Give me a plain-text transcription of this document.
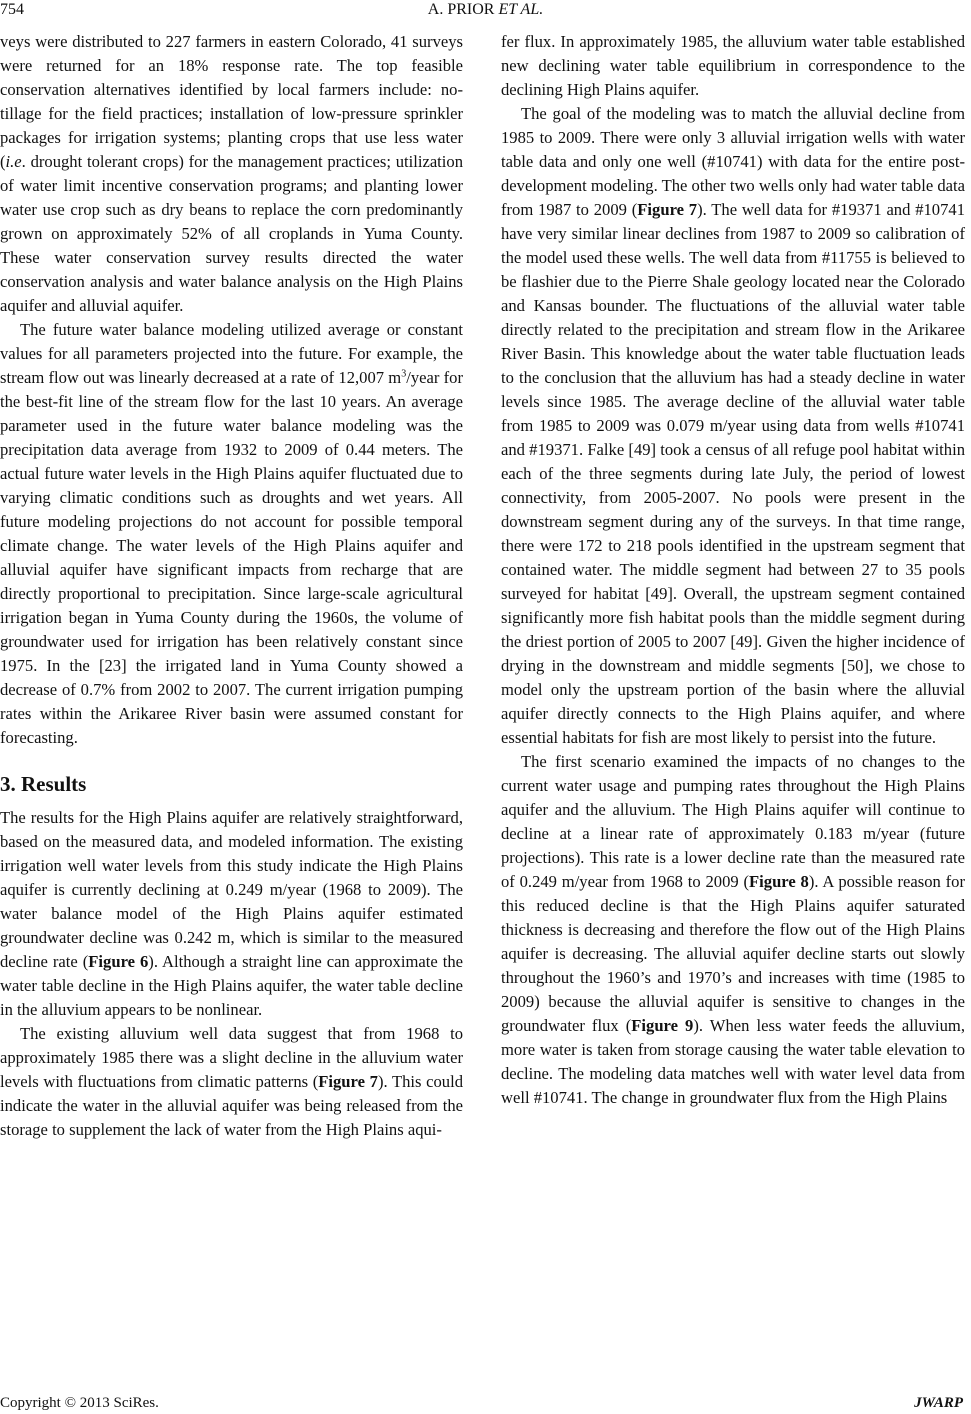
754	A. PRIOR ET AL.

veys were distributed to 227 farmers in eastern Colorado, 41 surveys were returned for an 18% response rate. The top feasible conservation alternatives identified by local farmers include: no-tillage for the field practices; installation of low-pressure sprinkler packages for irrigation systems; planting crops that use less water (i.e. drought tolerant crops) for the management practices; utilization of water limit incentive conservation programs; and planting lower water use crop such as dry beans to replace the corn predominantly grown on approximately 52% of all croplands in Yuma County. These water conservation survey results directed the water conservation analysis and water balance analysis on the High Plains aquifer and alluvial aquifer.

The future water balance modeling utilized average or constant values for all parameters projected into the future. For example, the stream flow out was linearly decreased at a rate of 12,007 $m^3$/year for the best-fit line of the stream flow for the last 10 years. An average parameter used in the future water balance modeling was the precipitation data average from 1932 to 2009 of 0.44 meters. The actual future water levels in the High Plains aquifer fluctuated due to varying climatic conditions such as droughts and wet years. All future modeling projections do not account for possible temporal climate change. The water levels of the High Plains aquifer and alluvial aquifer have significant impacts from recharge that are directly proportional to precipitation. Since large-scale agricultural irrigation began in Yuma County during the 1960s, the volume of groundwater used for irrigation has been relatively constant since 1975. In the [23] the irrigated land in Yuma County showed a decrease of 0.7% from 2002 to 2007. The current irrigation pumping rates within the Arikaree River basin were assumed constant for forecasting.

3. Results

The results for the High Plains aquifer are relatively straightforward, based on the measured data, and modeled information. The existing irrigation well water levels from this study indicate the High Plains aquifer is currently declining at 0.249 m/year (1968 to 2009). The water balance model of the High Plains aquifer estimated groundwater decline was 0.242 m, which is similar to the measured decline rate (Figure 6). Although a straight line can approximate the water table decline in the High Plains aquifer, the water table decline in the alluvium appears to be nonlinear.

The existing alluvium well data suggest that from 1968 to approximately 1985 there was a slight decline in the alluvium water levels with fluctuations from climatic patterns (Figure 7). This could indicate the water in the alluvial aquifer was being released from the storage to supplement the lack of water from the High Plains aqui-

fer flux. In approximately 1985, the alluvium water table established new declining water table equilibrium in correspondence to the declining High Plains aquifer.

The goal of the modeling was to match the alluvial decline from 1985 to 2009. There were only 3 alluvial irrigation wells with water table data and only one well (#10741) with data for the entire post-development modeling. The other two wells only had water table data from 1987 to 2009 (Figure 7). The well data for #19371 and #10741 have very similar linear declines from 1987 to 2009 so calibration of the model used these wells. The well data from #11755 is believed to be flashier due to the Pierre Shale geology located near the Colorado and Kansas bounder. The fluctuations of the alluvial water table directly related to the precipitation and stream flow in the Arikaree River Basin. This knowledge about the water table fluctuation leads to the conclusion that the alluvium has had a steady decline in water levels since 1985. The average decline of the alluvial water table from 1985 to 2009 was 0.079 m/year using data from wells #10741 and #19371. Falke [49] took a census of all refuge pool habitat within each of the three segments during late July, the period of lowest connectivity, from 2005-2007. No pools were present in the downstream segment during any of the surveys. In that time range, there were 172 to 218 pools identified in the upstream segment that contained water. The middle segment had between 27 to 35 pools surveyed for habitat [49]. Overall, the upstream segment contained significantly more fish habitat pools than the middle segment during the driest portion of 2005 to 2007 [49]. Given the higher incidence of drying in the downstream and middle segments [50], we chose to model only the upstream portion of the basin where the alluvial aquifer directly connects to the High Plains aquifer, and where essential habitats for fish are most likely to persist into the future.

The first scenario examined the impacts of no changes to the current water usage and pumping rates throughout the High Plains aquifer and the alluvium. The High Plains aquifer will continue to decline at a linear rate of approximately 0.183 m/year (future projections). This rate is a lower decline rate than the measured rate of 0.249 m/year from 1968 to 2009 (Figure 8). A possible reason for this reduced decline is that the High Plains aquifer saturated thickness is decreasing and therefore the flow out of the High Plains aquifer is decreasing. The alluvial aquifer decline starts out slowly throughout the 1960’s and 1970’s and increases with time (1985 to 2009) because the alluvial aquifer is sensitive to changes in the groundwater flux (Figure 9). When less water feeds the alluvium, more water is taken from storage causing the water table elevation to decline. The modeling data matches well with water level data from well #10741. The change in groundwater flux from the High Plains

Copyright © 2013 SciRes.	JWARP
